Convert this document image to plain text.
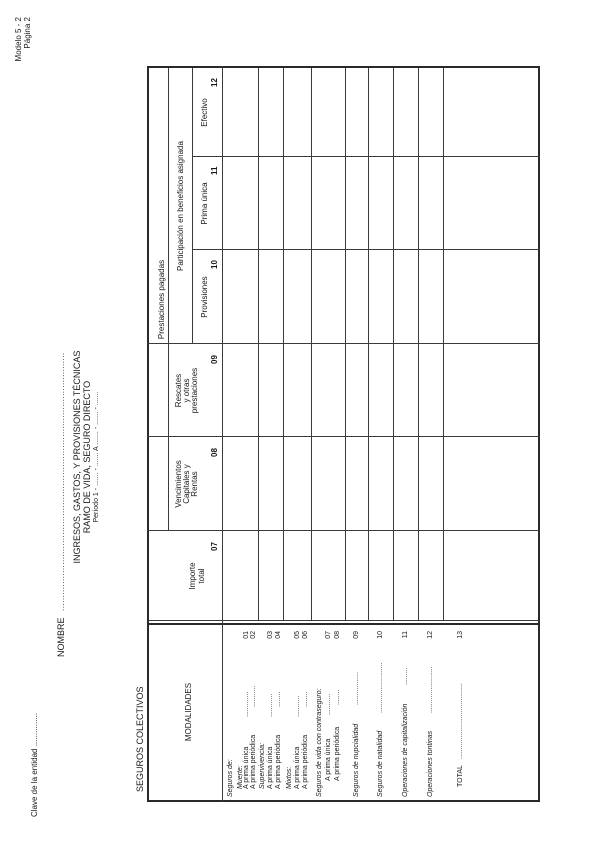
Modelo 5 - 2 Página 2
NOMBRE
............................................................................................... INGRESOS, GASTOS, Y PROVISIONES TÉCNICAS RAMO DE VIDA, SEGURO DIRECTO Período 1 - ....... - ....... A ....... - ....... - .......
Clave de la entidad ...............	SEGUROS COLECTIVOS	MODALIDADES
Importe total
07
Prestaciones pagadas
Vencimientos Capitales y Rentas
08
Rescates y otras prestaciones
09
Participación en beneficios asignada
Provisiones
10
Prima única
11
Efectivo
12
Seguros de: Muerte: A prima única
.............
01
A prima periódica
...........
02
Supervivencia: A prima única
............
03
A prima periódica
........
04
Mixtos: A prima única
...........
05
A prima periódica
........
06
Seguros de vida con contraseguro: A prima única
...........
07
A prima periódica
........
08
Seguros de nupcialidad
.................
09
Seguros de natalidad
..........................
10
Operaciones de capitalización
.........
11
Operaciones tontinas
........................
12
TOTAL
.......................................
13
